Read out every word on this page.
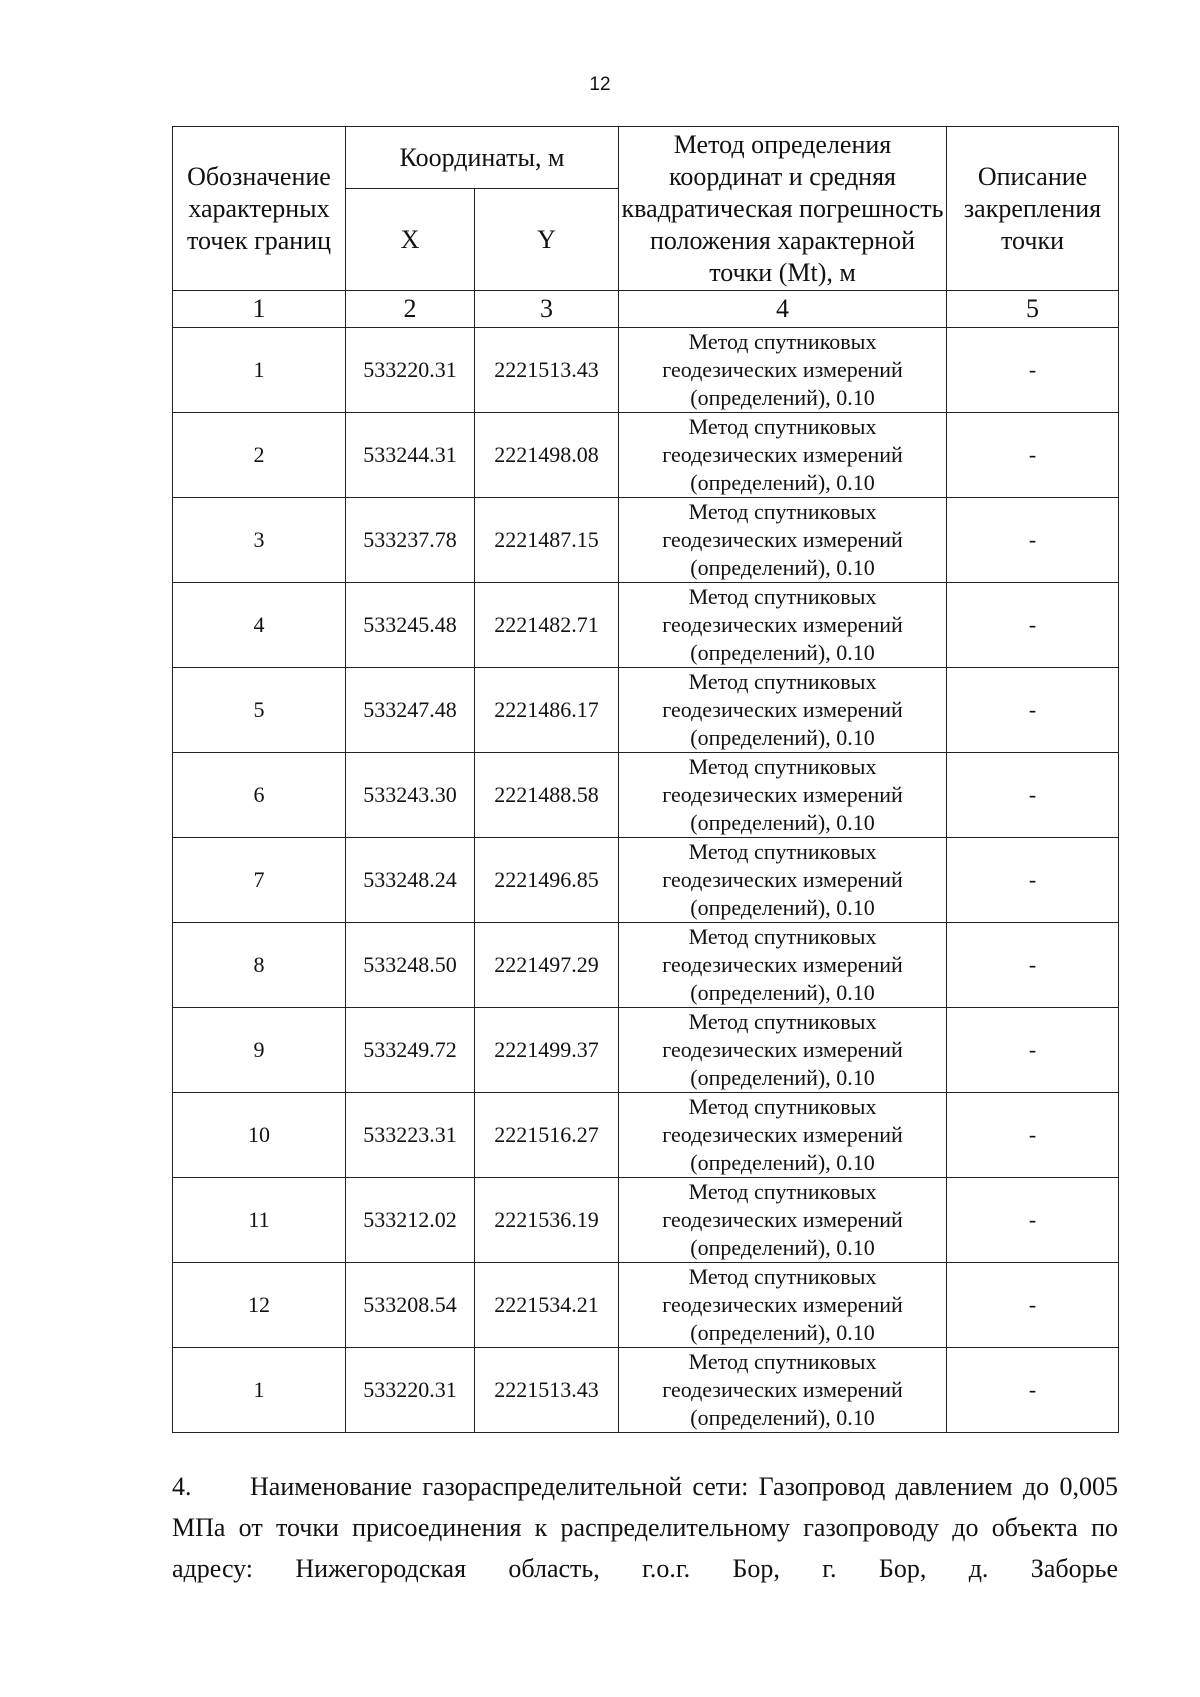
12
Обозначение характерных точек границ	Координаты, м		Метод определения координат и средняя квадратическая погрешность положения характерной точки (Mt), м	Описание закрепления точки
	X	Y		
1	2	3	4	5
1	533220.31	2221513.43	Метод спутниковых
геодезических измерений
(определений), 0.10	-
2	533244.31	2221498.08	Метод спутниковых
геодезических измерений
(определений), 0.10	-
3	533237.78	2221487.15	Метод спутниковых
геодезических измерений
(определений), 0.10	-
4	533245.48	2221482.71	Метод спутниковых
геодезических измерений
(определений), 0.10	-
5	533247.48	2221486.17	Метод спутниковых
геодезических измерений
(определений), 0.10	-
6	533243.30	2221488.58	Метод спутниковых
геодезических измерений
(определений), 0.10	-
7	533248.24	2221496.85	Метод спутниковых
геодезических измерений
(определений), 0.10	-
8	533248.50	2221497.29	Метод спутниковых
геодезических измерений
(определений), 0.10	-
9	533249.72	2221499.37	Метод спутниковых
геодезических измерений
(определений), 0.10	-
10	533223.31	2221516.27	Метод спутниковых
геодезических измерений
(определений), 0.10	-
11	533212.02	2221536.19	Метод спутниковых
геодезических измерений
(определений), 0.10	-
12	533208.54	2221534.21	Метод спутниковых
геодезических измерений
(определений), 0.10	-
1	533220.31	2221513.43	Метод спутниковых
геодезических измерений
(определений), 0.10	-
4. Наименование газораспределительной сети: Газопровод давлением до 0,005 МПа от точки присоединения к распределительному газопроводу до объекта по адресу: Нижегородская область, г.о.г. Бор, г. Бор, д. Заборье
